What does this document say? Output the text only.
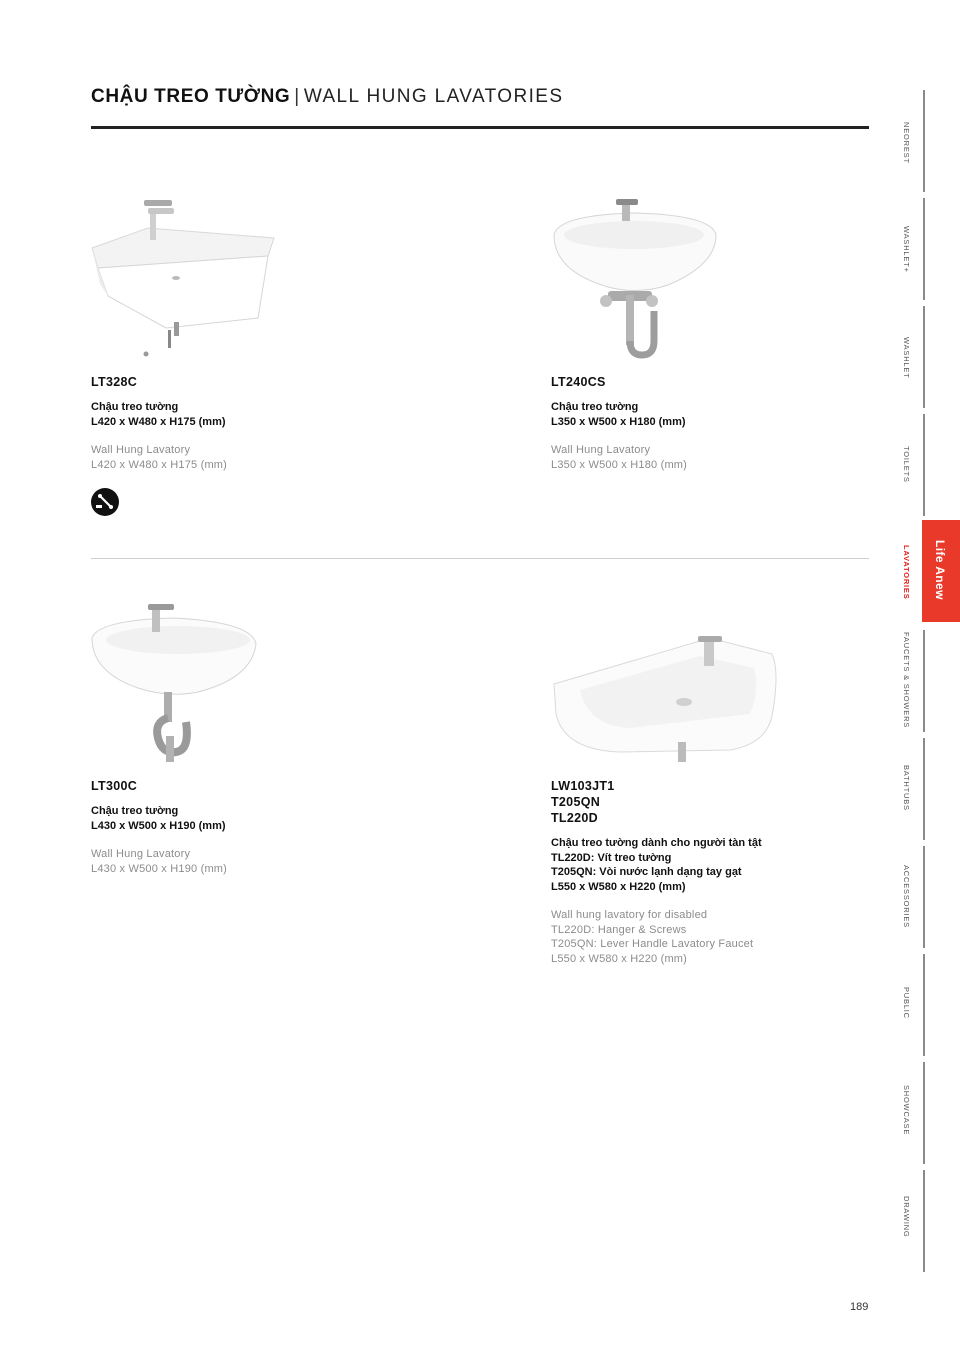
CHẬU TREO TƯỜNG | WALL HUNG LAVATORIES
LT328C
Chậu treo tường
L420 x W480 x H175 (mm)
Wall Hung Lavatory
L420 x W480 x H175 (mm)
LT240CS
Chậu treo tường
L350 x W500 x H180 (mm)
Wall Hung Lavatory
L350 x W500 x H180 (mm)
LT300C
Chậu treo tường
L430 x W500 x H190 (mm)
Wall Hung Lavatory
L430 x W500 x H190 (mm)
LW103JT1
T205QN
TL220D
Chậu treo tường dành cho người tàn tật
TL220D: Vít treo tường
T205QN: Vòi nước lạnh dạng tay gạt
L550 x W580 x H220 (mm)
Wall hung lavatory for disabled
TL220D: Hanger & Screws
T205QN: Lever Handle Lavatory Faucet
L550 x W580 x H220 (mm)
NEOREST
WASHLET+
WASHLET
TOILETS
LAVATORIES
FAUCETS & SHOWERS
BATHTUBS
ACCESSORIES
PUBLIC
SHOWCASE
DRAWING
Life Anew
189
